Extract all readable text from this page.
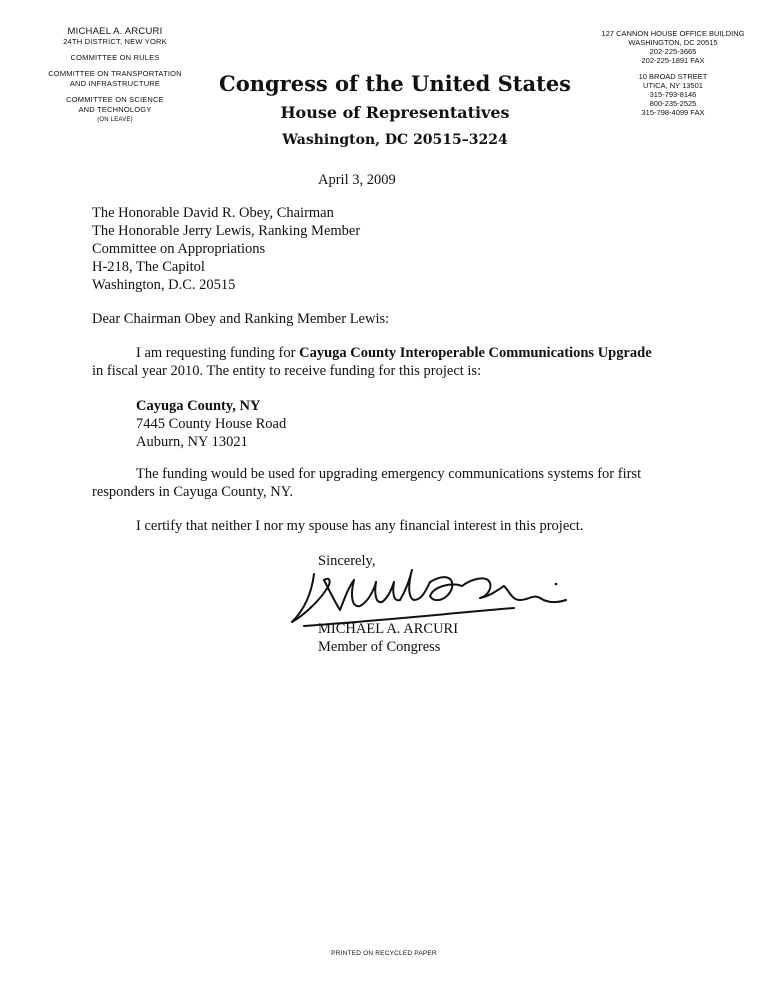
MICHAEL A. ARCURI
24TH DISTRICT, NEW YORK
COMMITTEE ON RULES
COMMITTEE ON TRANSPORTATION
AND INFRASTRUCTURE
COMMITTEE ON SCIENCE
AND TECHNOLOGY
(ON LEAVE)
127 CANNON HOUSE OFFICE BUILDING
WASHINGTON, DC 20515
202-225-3665
202-225-1891 FAX
10 BROAD STREET
UTICA, NY 13501
315-793-8146
800-235-2525
315-798-4099 FAX
Congress of the United States
House of Representatives
Washington, DC 20515–3224
April 3, 2009
The Honorable David R. Obey, Chairman
The Honorable Jerry Lewis, Ranking Member
Committee on Appropriations
H-218, The Capitol
Washington, D.C. 20515
Dear Chairman Obey and Ranking Member Lewis:
I am requesting funding for Cayuga County Interoperable Communications Upgrade
in fiscal year 2010. The entity to receive funding for this project is:
Cayuga County, NY
7445 County House Road
Auburn, NY 13021
The funding would be used for upgrading emergency communications systems for first
responders in Cayuga County, NY.
I certify that neither I nor my spouse has any financial interest in this project.
Sincerely,
MICHAEL A. ARCURI
Member of Congress
PRINTED ON RECYCLED PAPER
